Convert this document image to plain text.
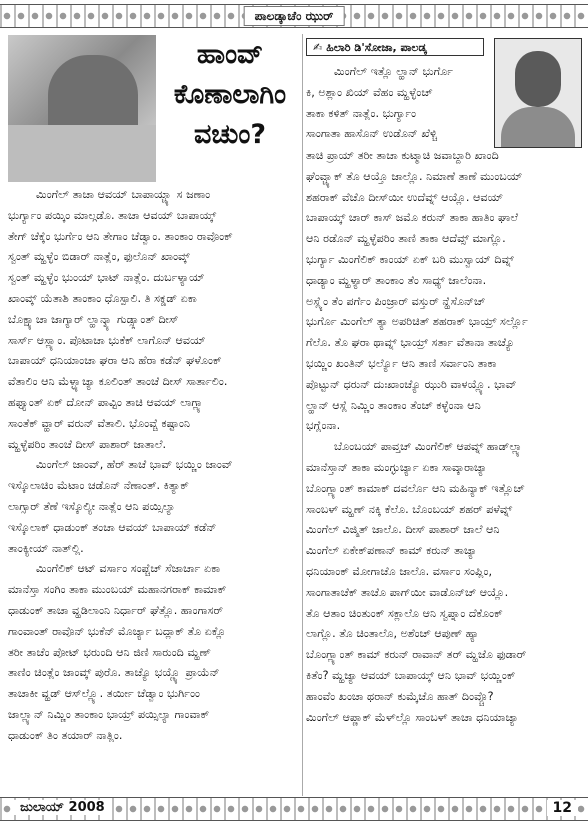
ಪಾಲಡ್ಕಾಚೆಂ ಝುರ್
ಹಾಂವ್
ಕೊಣಾಲಾಗಿಂ
ವಚುಂ?
✍ ಹಿಲಾರಿ ಡಿ'ಸೋಜಾ, ಪಾಲಡ್ಕ

ಮಿಂಗೆಲ್ ಇತ್ಲೊ ಲ್ಹಾನ್ ಭುರ್ಗೊ

ಕಿ, ಅಶ್ಲಾಂ ಖಿಯ್ ವೆಹಂ ಮ್ಹಳ್ಳೆಂಚ್

ತಾಕಾ ಕಳಿತ್ ನಾತ್ಲೆಂ. ಭುರ್ಗ್ಯಾಂ

ಸಾಂಗಾತಾ ಹಾಸೊನ್ ಉಡೊನ್ ಖೆಳ್ಚಿ

ಮಿಂಗೆಲ್ ತಾಚಾ ಆವಯ್ ಬಾಪಾಯ್ಚ್ಯಾ ಸ ಜಣಾಂ

ಭುರ್ಗ್ಯಾಂ ಪಯ್ಕಿಂ ಮಾಲ್ಗಡೊ. ತಾಚಾ ಆವಯ್ ಬಾಪಾಯ್ಕ್

ತೇಗ್ ಚೆಕ್ಕೆಂ ಭುರ್ಗೆಂ ಆನಿ ತೇಗಾಂ ಚೆಡ್ವಾಂ. ತಾಂಕಾಂ ರಾವೊಂಕ್

ಸ್ವಂತ್ ಮ್ಹಳ್ಳೆಂ ಬಿಡಾರ್ ನಾತ್ಲೆಂ, ಫುಲೊನ್ ಖಾಂವ್ಕ್

ಸ್ವಂತ್ ಮ್ಹಳ್ಳೆಂ ಭುಂಯ್ ಭಾಟ್ ನಾತ್ಲೆಂ. ದುರ್ಬಳ್ಯಾಯ್

ಖಾಂವ್ಕ್ ಯೆತಾಶಿ ತಾಂಕಾಂ ಧೊಸ್ಪಾಲಿ. ತಿ ಸಕ್ಡಡ್ ಏಕಾ

ಬೊಕ್ಷ್ಯಾಚಾ ಜಾಗ್ಯಾರ್ ಲ್ಹಾನ್ಶ್ಯಾ ಗುಡ್ಸ್ಲಾಂತ್ ದೀಸ್

ಸಾರ್ಸ್ ಆಸ್ಲ್ಯಾಂ. ಪೊಟಾಚಾ ಭುಕೆಕ್ ಲಾಗೊನ್ ಆವಯ್

ಬಾಪಾಯ್ ಧನಿಯಾಂಚಾ ಘರಾ ಆನಿ ಹೆರಾ ಕಡೆನ್ ಘಳೊಂಕ್

ವೆತಾಲಿಂ ಆನಿ ಮೆಳ್ಳ್ಯಾಚ್ಯಾ ಕೂಲಿಂತ್ ತಾಂಚೆ ದೀಸ್ ಸಾರ್ತಾಲಿಂ.

ಹಫ್ತ್ಯಾಂತ್ ಏಕ್ ದೋನ್ ಪಾವ್ಟಿಂ ತಾಚಿ ಆವಯ್ ಲಾಗ್ಲ್ಯಾ

ಸಾಂತೆಕ್ ವ್ಹಾರ್ ವರುನ್ ವೆತಾಲಿ. ಭೊಂವ್ಚೆ ಕಷ್ಟಾಂನಿ

ಮ್ಹಳ್ಳೆಪರಿಂ ತಾಂಚೆ ದೀಸ್ ಪಾಶಾರ್ ಜಾತಾಲೆ.

ಮಿಂಗೆಲ್ ಜಾಂವ್, ಹೆರ್ ತಾಚೆ ಭಾವ್ ಭಯ್ಣಿಂ ಜಾಂವ್

ಇಸ್ಕೊಲಾಚಿಂ ಮೆಟಾಂ ಚಡೊನ್ ನೆಣಾಂತ್. ಕಿತ್ಯಾಕ್

ಲಾಗ್ಸಾರ್ ತೆಣೆ ಇಸ್ಕೊಲ್ಯೀ ನಾತ್ಲೆಂ ಆನಿ ಪಯ್ಸಿಲ್ಯಾ

ಇಸ್ಕೊಲಾಕ್ ಧಾಡುಂಕ್ ತಂಚಾ ಆವಯ್ ಬಾಪಾಯ್ ಕಡೆನ್

ತಾಂಕ್ಯೀಯ್ ನಾತ್‌ಲ್ಲಿ.

ಮಿಂಗೆಲಿಕ್ ಆಟ್ ವರ್ಸಾಂ ಸಂಪ್ಚೆಚ್ ಸೆಜಾರ್ಚಾ ಏಕಾ

ಮಾನೆಸ್ತಾ ಸಂಗಿಂ ತಾಕಾ ಮುಂಬಯ್ ಮಹಾನಗರಾಕ್ ಕಾಮಾಕ್

ಧಾಡುಂಕ್ ತಾಚಾ ವ್ಹಡಿಲಾಂನಿ ನಿರ್ಧಾರ್ ಘೆತ್ಲೊ. ಹಾಂಗಾಸರ್

ಗಾಂವಾಂತ್ ರಾವೊನ್ ಭುಕೆನ್ ಮೊರ್ಚ್ಯಾ ಬದ್ಲಾಕ್ ತೊ ಏಕ್ಲೊ

ತರೀ ತಾಚೆಂ ಪೋಟ್ ಭರುಂದಿ ಆನಿ ಜಿಣಿ ಸಾರುಂದಿ ಮ್ಹಣ್

ತಾಣಿಂ ಚಿಂತ್ಲೆಂ ಜಾಂವ್ಕ್ ಪುರೊ. ತಾಚ್ಯೊ ಭಯ್ಣ್ಯೊ ಪ್ರಾಯೆನ್

ತಾಚಾಕೀ ವ್ಹಡ್ ಆಸ್‌ಲ್ಲ್ಯೊ. ತರ್ಯೀ ಚೆಡ್ವಾಂ ಭುರ್ಗಿಂಂ

ಜಾಲ್ಲ್ಯಾನ್ ನಿಮ್ಣಿಂ ತಾಂಕಾಂ ಭಾಯ್ರ್ ಪಯ್ಸಿಲ್ಯಾ ಗಾಂವಾಕ್

ಧಾಡುಂಕ್ ತಿಂ ತಯಾರ್ ನಾತ್ಲಿಂ.

ತಾಚಿ ಪ್ರಾಯ್ ತರೀ ತಾಚಾ ಕುಟ್ಮಾಚಿ ಜವಾಬ್ದಾರಿ ಖಾಂದಿ

ಘೆಂವ್ಚ್ಯಾಕ್ ತೊ ಆಯ್ತೊ ಜಾಲ್ಲೊ. ನಿಮಾಣೆ ತಾಣೆ ಮುಂಬಯ್

ಶಹರಾಕ್ ವೆಚೊ ದೀಸ್‌ಯೀ ಉದೆವ್ನ್ ಆಯ್ಲೊ. ಆವಯ್

ಬಾಪಾಯ್ಕ್ ಚಾರ್ ಕಾಸ್ ಜಮೊ ಕರುನ್ ತಾಕಾ ಹಾತಿಂ ಘಾಲೆ

ಆನಿ ರಡೊನ್ ಮ್ಹಳ್ಳೆಪರಿಂ ತಾಣಿ ತಾಕಾ ಆದೆವ್ಸ್ ಮಾಗ್ಲೊ.

ಭುರ್ಗ್ಯಾ ಮಿಂಗೆಲಿಕ್ ಕಾಂಯ್ ಏಕ್ ಬರಿ ಮುಸ್ವಾಯ್ ದಿವ್ನ್

ಧಾಡ್ಯಾಂ ಮ್ಹಳ್ಯಾರ್ ತಾಂಕಾಂ ತೆಂ ಸಾಧ್ಯ್ ಜಾಲೆಂನಾ.

ಅಸ್ಲ್ಯೆಂ ತೆಂ ಪರ್ಗೆಂ ಪಿಂಜ್ರಾರ್ ವಸ್ತುರ್ ನ್ಹೆಸೊನ್‌ಚ್

ಭುರ್ಗೊ ಮಿಂಗೆಲ್ ತ್ಯಾ ಅಪರಿಚಿತ್ ಶಹರಾಕ್ ಭಾಯ್ರ್ ಸರ್ಲ್ಲೊ

ಗೆಲೊ. ತೊ ಘರಾ ಥಾವ್ನ್ ಭಾಯ್ರ್ ಸರ್ತಾ ವೆತಾನಾ ತಾಚ್ಯೊ

ಭಯ್ಣಿಂ ಖಂತಿನ್ ಭರ್ಲ್ಯೊ ಆನಿ ತಾಣಿ ಸರ್ವಾಂನಿ ತಾಕಾ

ಪೊಟ್ಟುನ್ ಧರುನ್ ದುಃಖಾಂಚ್ಯೊ ಝುರಿ ವಾಳಯ್ಲ್ಯೊ. ಭಾವ್

ಲ್ಹಾನ್ ಆಸ್ಲೆ ನಿಮ್ಣಿಂ ತಾಂಕಾಂ ತೆಂಚ್ ಕಳ್ಳೆಂನಾ ಆನಿ

ಭಗ್ಲೆಂನಾ.

ಬೊಂಬಯ್ ಪಾವ್ತಚ್ ಮಿಂಗೆಲಿಕ್ ಆಪವ್ನ್ ಹಾಡ್‌ಲ್ಲ್ಯಾ

ಮಾನೆಸ್ತಾನ್ ತಾಕಾ ಮಂಗ್ಳುರ್ಚ್ಯಾ ಏಕಾ ಸಾವ್ಕಾರಾಚ್ಯಾ

ಬೊಂಗ್ಲ್ಯಾಂತ್ ಕಾಮಾಕ್ ದವರ್ಲೊ ಆನಿ ಮಹಿನ್ಯಾಕ್ ಇತ್ಲೊಚ್

ಸಾಂಬಳ್ ಮ್ಹಣ್ ನಕ್ಕಿ ಕೆಲೊ. ಬೊಂಬಯ್ ಶಹರ್ ಪಳೆವ್ನ್

ಮಿಂಗೆಲ್ ವಿಜ್ಮಿತ್ ಜಾಲೊ. ದೀಸ್ ಪಾಶಾರ್ ಜಾಲೆ ಆನಿ

ಮಿಂಗೆಲ್ ಏಕೇಕ್‌ಪಣಾನ್ ಕಾಮ್ ಕರುನ್ ತಾಚ್ಯಾ

ಧನಿಯಾಂಕ್ ಮೋಗಾಚೊ ಜಾಲೊ. ವರ್ಸಾಂ ಸಂಪ್ಲಿಂ,

ಸಾಂಗಾತಾಚೆಕ್ ತಾಚೊ ಪಾಗ್‌ಯೀ ವಾಡೊನ್‌ಚ್ ಆಯ್ಲೊ.

ತೊ ಆತಾಂ ಚಿಂತುಂಕ್ ಸಕ್ಲಾಲೊ ಆನಿ ಸ್ವಪ್ನಾಂ ದೆಕೊಂಕ್

ಲಾಗ್ಲೊ. ತೊ ಚಿಂತಾಲೊ, ಅಶೆಂಚ್ ಆಪುಣ್ ಹ್ಯಾ

ಬೊಂಗ್ಲ್ಯಾಂತ್ ಕಾಮ್ ಕರುನ್ ರಾವಾನ್ ತರ್ ಮ್ಹಜೊ ಫುಡಾರ್

ಕಿತೆಂ? ಮ್ಹಜ್ಯಾ ಆವಯ್ ಬಾಪಾಯ್ಕ್ ಆನಿ ಭಾವ್ ಭಯ್ಣಿಂಕ್

ಹಾಂವೆಂ ಖಂಚಾ ಥರಾನ್ ಕುಮ್ಕೆಚೊ ಹಾತ್ ದಿಂವ್ಚೊ?

ಮಿಂಗೆಲ್ ಆಪ್ಣಾಕ್ ಮೆಳ್‌ಲ್ಲೊ ಸಾಂಬಳ್ ತಾಚಾ ಧನಿಯಾಚ್ಯಾ

ಜುಲಾಯ್ 2008	12
